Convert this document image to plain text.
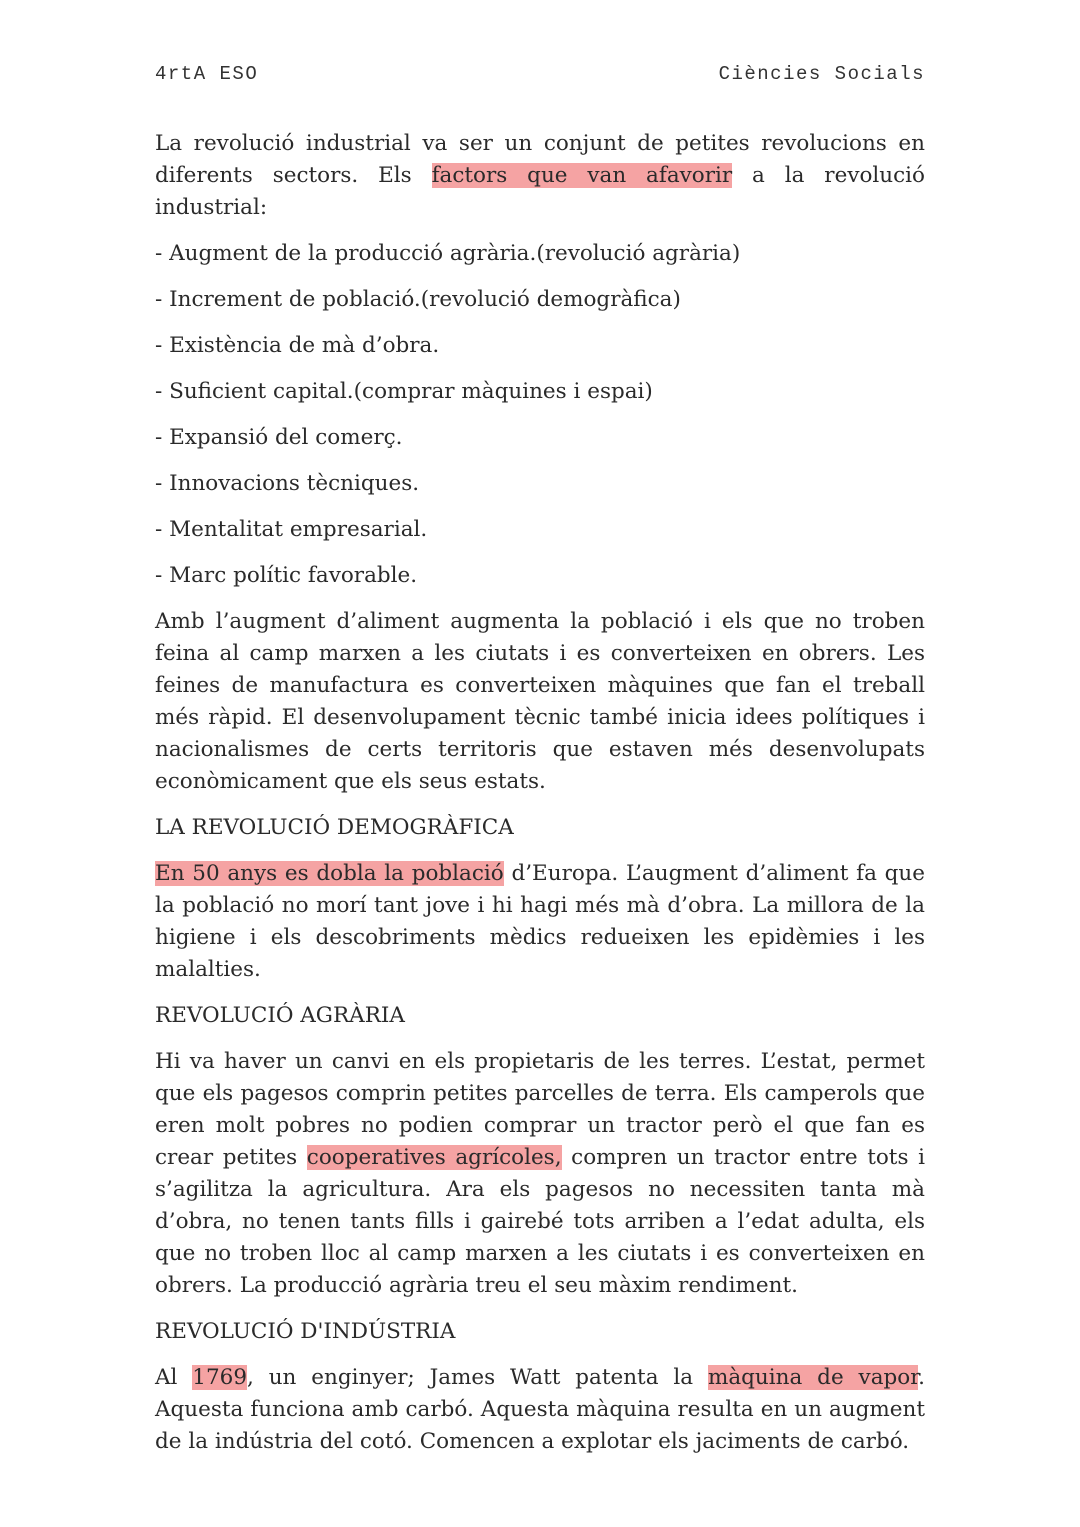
4rtA ESO	Ciències Socials

La revolució industrial va ser un conjunt de petites revolucions en diferents sectors. Els factors que van afavorir a la revolució industrial:

- Augment de la producció agrària.(revolució agrària)
- Increment de població.(revolució demogràfica)
- Existència de mà d’obra.
- Suficient capital.(comprar màquines i espai)
- Expansió del comerç.
- Innovacions tècniques.
- Mentalitat empresarial.
- Marc polític favorable.

Amb l’augment d’aliment augmenta la població i els que no troben feina al camp marxen a les ciutats i es converteixen en obrers. Les feines de manufactura es converteixen màquines que fan el treball més ràpid. El desenvolupament tècnic també inicia idees polítiques i nacionalismes de certs territoris que estaven més desenvolupats econòmicament que els seus estats.

LA REVOLUCIÓ DEMOGRÀFICA

En 50 anys es dobla la població d’Europa. L’augment d’aliment fa que la població no morí tant jove i hi hagi més mà d’obra. La millora de la higiene i els descobriments mèdics redueixen les epidèmies i les malalties.

REVOLUCIÓ AGRÀRIA

Hi va haver un canvi en els propietaris de les terres. L’estat, permet que els pagesos comprin petites parcelles de terra. Els camperols que eren molt pobres no podien comprar un tractor però el que fan es crear petites cooperatives agrícoles, compren un tractor entre tots i s’agilitza la agricultura. Ara els pagesos no necessiten tanta mà d’obra, no tenen tants fills i gairebé tots arriben a l’edat adulta, els que no troben lloc al camp marxen a les ciutats i es converteixen en obrers. La producció agrària treu el seu màxim rendiment.

REVOLUCIÓ D'INDÚSTRIA

Al 1769, un enginyer; James Watt patenta la màquina de vapor. Aquesta funciona amb carbó. Aquesta màquina resulta en un augment de la indústria del cotó. Comencen a explotar els jaciments de carbó.
